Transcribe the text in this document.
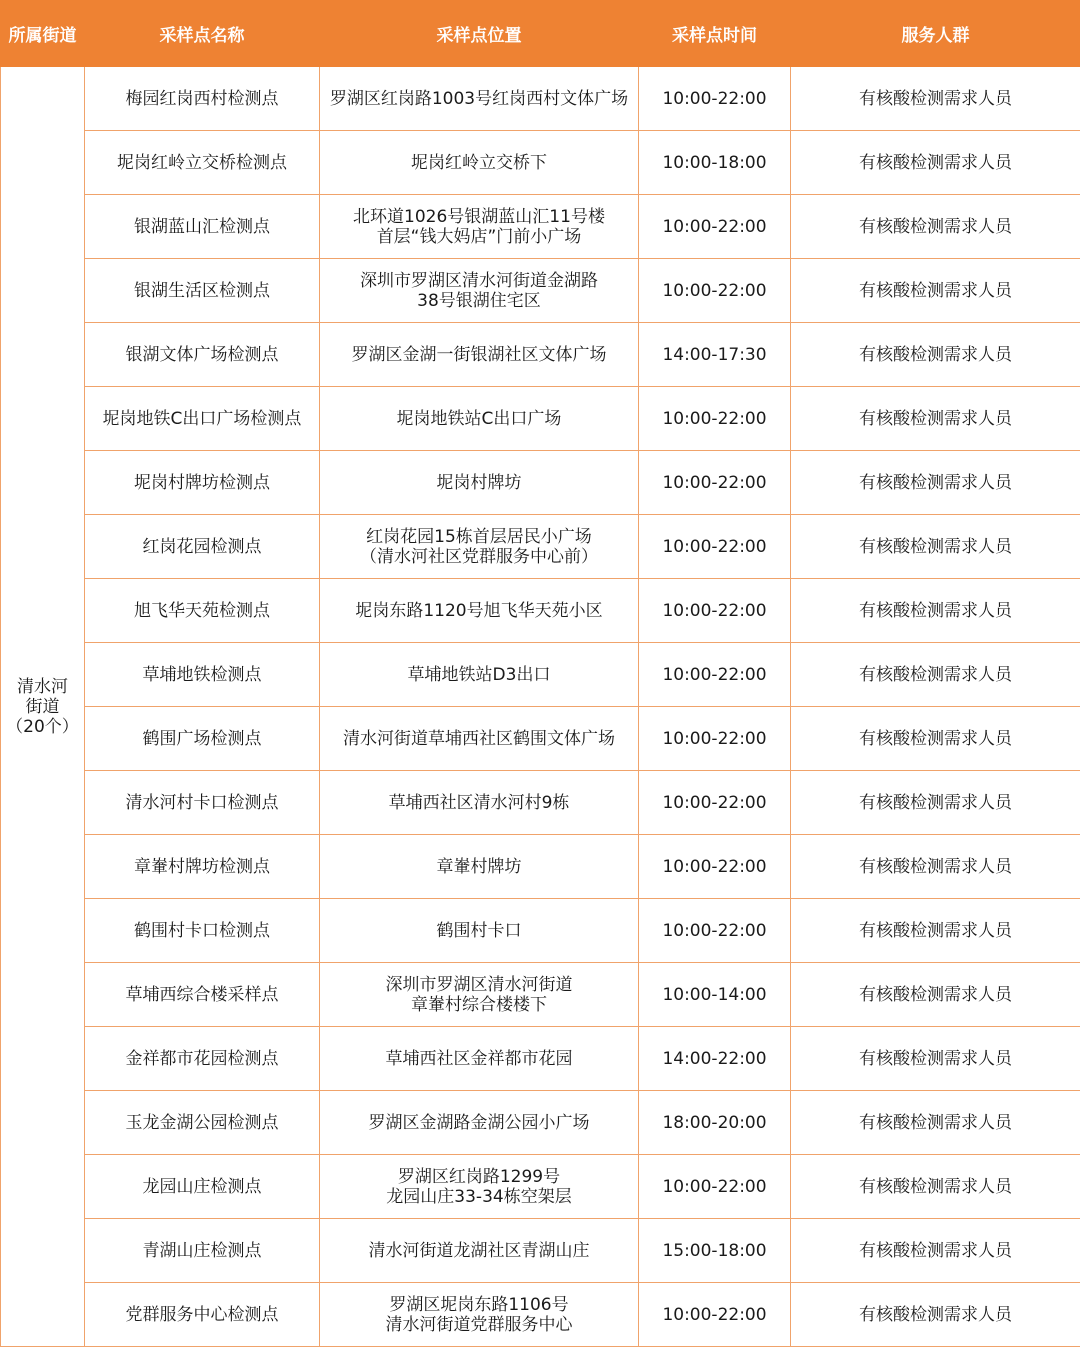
所属街道	采样点名称	采样点位置	采样点时间	服务人群
清水河
街道
（20个）	梅园红岗西村检测点	罗湖区红岗路1003号红岗西村文体广场	10:00-22:00	有核酸检测需求人员
	坭岗红岭立交桥检测点	坭岗红岭立交桥下	10:00-18:00	有核酸检测需求人员
	银湖蓝山汇检测点	北环道1026号银湖蓝山汇11号楼
首层“钱大妈店”门前小广场	10:00-22:00	有核酸检测需求人员
	银湖生活区检测点	深圳市罗湖区清水河街道金湖路
38号银湖住宅区	10:00-22:00	有核酸检测需求人员
	银湖文体广场检测点	罗湖区金湖一街银湖社区文体广场	14:00-17:30	有核酸检测需求人员
	坭岗地铁C出口广场检测点	坭岗地铁站C出口广场	10:00-22:00	有核酸检测需求人员
	坭岗村牌坊检测点	坭岗村牌坊	10:00-22:00	有核酸检测需求人员
	红岗花园检测点	红岗花园15栋首层居民小广场
（清水河社区党群服务中心前）	10:00-22:00	有核酸检测需求人员
	旭飞华天苑检测点	坭岗东路1120号旭飞华天苑小区	10:00-22:00	有核酸检测需求人员
	草埔地铁检测点	草埔地铁站D3出口	10:00-22:00	有核酸检测需求人员
	鹤围广场检测点	清水河街道草埔西社区鹤围文体广场	10:00-22:00	有核酸检测需求人员
	清水河村卡口检测点	草埔西社区清水河村9栋	10:00-22:00	有核酸检测需求人员
	章輋村牌坊检测点	章輋村牌坊	10:00-22:00	有核酸检测需求人员
	鹤围村卡口检测点	鹤围村卡口	10:00-22:00	有核酸检测需求人员
	草埔西综合楼采样点	深圳市罗湖区清水河街道
章輋村综合楼楼下	10:00-14:00	有核酸检测需求人员
	金祥都市花园检测点	草埔西社区金祥都市花园	14:00-22:00	有核酸检测需求人员
	玉龙金湖公园检测点	罗湖区金湖路金湖公园小广场	18:00-20:00	有核酸检测需求人员
	龙园山庄检测点	罗湖区红岗路1299号
龙园山庄33-34栋空架层	10:00-22:00	有核酸检测需求人员
	青湖山庄检测点	清水河街道龙湖社区青湖山庄	15:00-18:00	有核酸检测需求人员
	党群服务中心检测点	罗湖区坭岗东路1106号
清水河街道党群服务中心	10:00-22:00	有核酸检测需求人员
